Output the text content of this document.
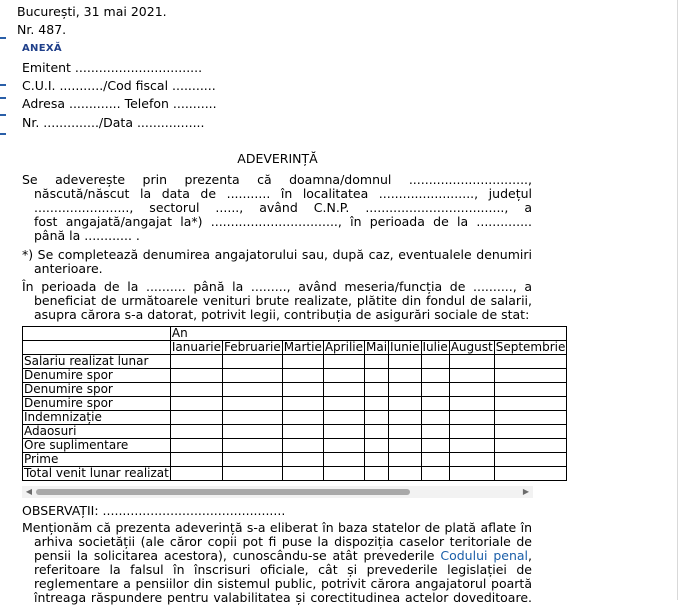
București, 31 mai 2021.
Nr. 487.
ANEXĂ
Emitent ................................
C.U.I. .........../Cod fiscal ...........
Adresa ............. Telefon ...........
Nr. ............../Data .................
ADEVERINȚĂ
Se adeverește prin prezenta că doamna/domnul ..............................,
născută/născut la data de ........... în localitatea ........................, județul
........................, sectorul ......, având C.N.P. ..................................., a
fost angajată/angajat la*) ................................, în perioada de la ..............
până la ............ .
*) Se completează denumirea angajatorului sau, după caz, eventualele denumiri
anterioare.
În perioada de la .......... până la ........., având meseria/funcția de .........., a
beneficiat de următoarele venituri brute realizate, plătite din fondul de salarii,
asupra cărora s-a datorat, potrivit legii, contribuția de asigurări sociale de stat:
	An								
	Ianuarie	Februarie	Martie	Aprilie	Mai	Iunie	Iulie	August	Septembrie
Salariu realizat lunar									
Denumire spor									
Denumire spor									
Denumire spor									
Indemnizație									
Adaosuri									
Ore suplimentare									
Prime									
Total venit lunar realizat									
◀	▶
OBSERVAȚII: ..............................................
Menționăm că prezenta adeverință s-a eliberat în baza statelor de plată aflate în
arhiva societății (ale căror copii pot fi puse la dispoziția caselor teritoriale de
pensii la solicitarea acestora), cunoscându-se atât prevederile Codului penal,
referitoare la falsul în înscrisuri oficiale, cât și prevederile legislației de
reglementare a pensiilor din sistemul public, potrivit cărora angajatorul poartă
întreaga răspundere pentru valabilitatea și corectitudinea actelor doveditoare.
